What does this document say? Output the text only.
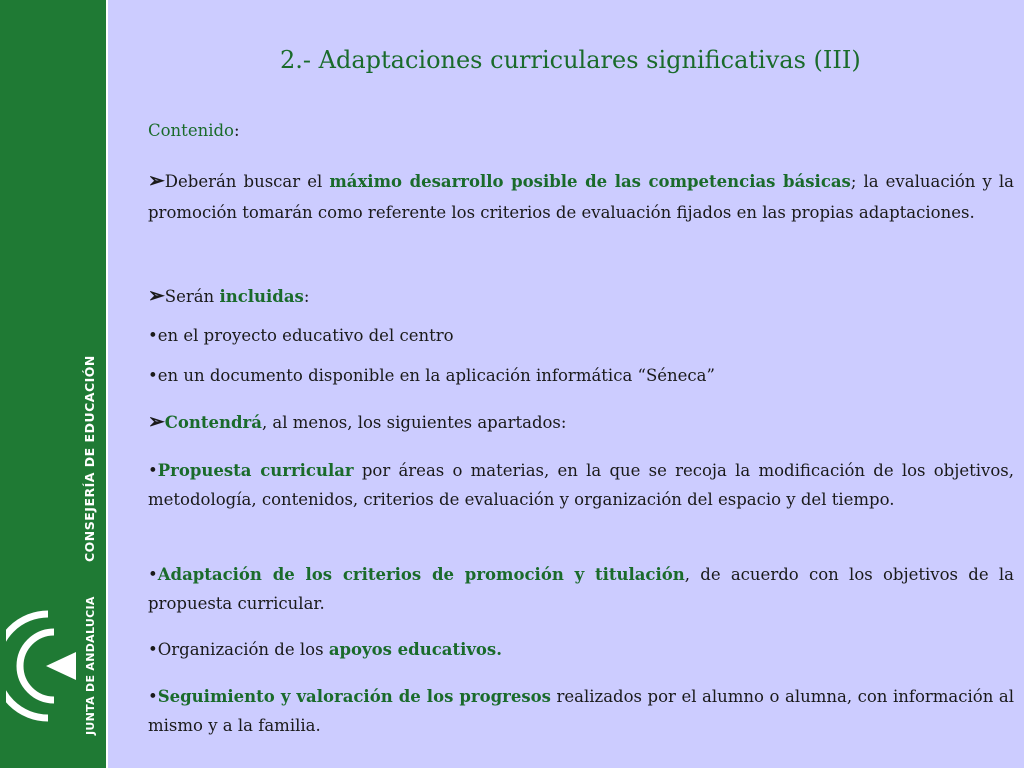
CONSEJERÍA DE EDUCACIÓN
JUNTA DE ANDALUCIA
2.- Adaptaciones curriculares significativas (III)
Contenido:
➢Deberán buscar el máximo desarrollo posible de las competencias básicas; la evaluación y la promoción tomarán como referente los criterios de evaluación fijados en las propias adaptaciones.
➢Serán incluidas:
•en el proyecto educativo del centro
•en un documento disponible en la aplicación informática “Séneca”
➢Contendrá, al menos, los siguientes apartados:
•Propuesta curricular por áreas o materias, en la que se recoja la modificación de los objetivos, metodología, contenidos, criterios de evaluación y organización del espacio y del tiempo.
•Adaptación de los criterios de promoción y titulación, de acuerdo con los objetivos de la propuesta curricular.
•Organización de los apoyos educativos.
•Seguimiento y valoración de los progresos realizados por el alumno o alumna, con información al mismo y a la familia.
